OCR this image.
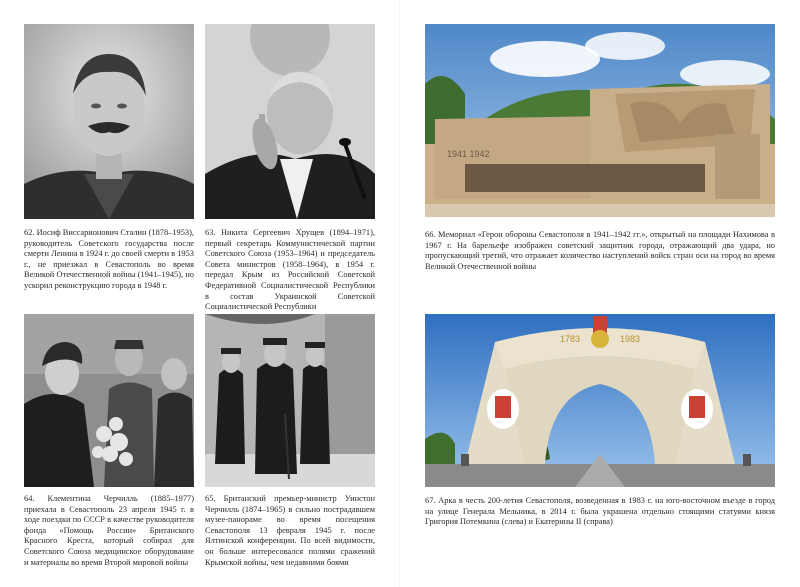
62. Иосиф Виссарионович Сталин (1878–1953), руководитель Советского государства после смерти Ленина в 1924 г. до своей смерти в 1953 г., не приезжал в Севастополь во время Великой Отечественной войны (1941–1945), но ускорил реконструкцию города в 1948 г.

63. Никита Сергеевич Хрущев (1894–1971), первый секретарь Коммунистической партии Советского Союза (1953–1964) и председатель Совета министров (1958–1964), в 1954 г. передал Крым из Российской Советской Федеративной Социалистической Республики в состав Украинской Советской Социалистической Республики

64. Клементина Черчилль (1885–1977) приехала в Севастополь 23 апреля 1945 г. в ходе поездки по СССР в качестве руководителя фонда «Помощь России» Британского Красного Креста, который собирал для Советского Союза медицинское оборудование и материалы во время Второй мировой войны

65. Британский премьер-министр Уинстон Черчилль (1874–1965) в сильно пострадавшем музее-панораме во время посещения Севастополя 13 февраля 1945 г. после Ялтинской конференции. По всей видимости, он больше интересовался полями сражений Крымской войны, чем недавними боями

1941 1942

66. Мемориал «Герои обороны Севастополя в 1941–1942 гг.», открытый на площади Нахимова в 1967 г. На барельефе изображен советский защитник города, отражающий два удара, но пропускающий третий, что отражает количество наступлений войск стран оси на город во время Великой Отечественной войны

1783	1983

67. Арка в честь 200-летия Севастополя, возведенная в 1983 г. на юго-восточном въезде в город на улице Генерала Мельника, в 2014 г. была украшена отдельно стоящими статуями князя Григория Потемкина (слева) и Екатерины II (справа)
